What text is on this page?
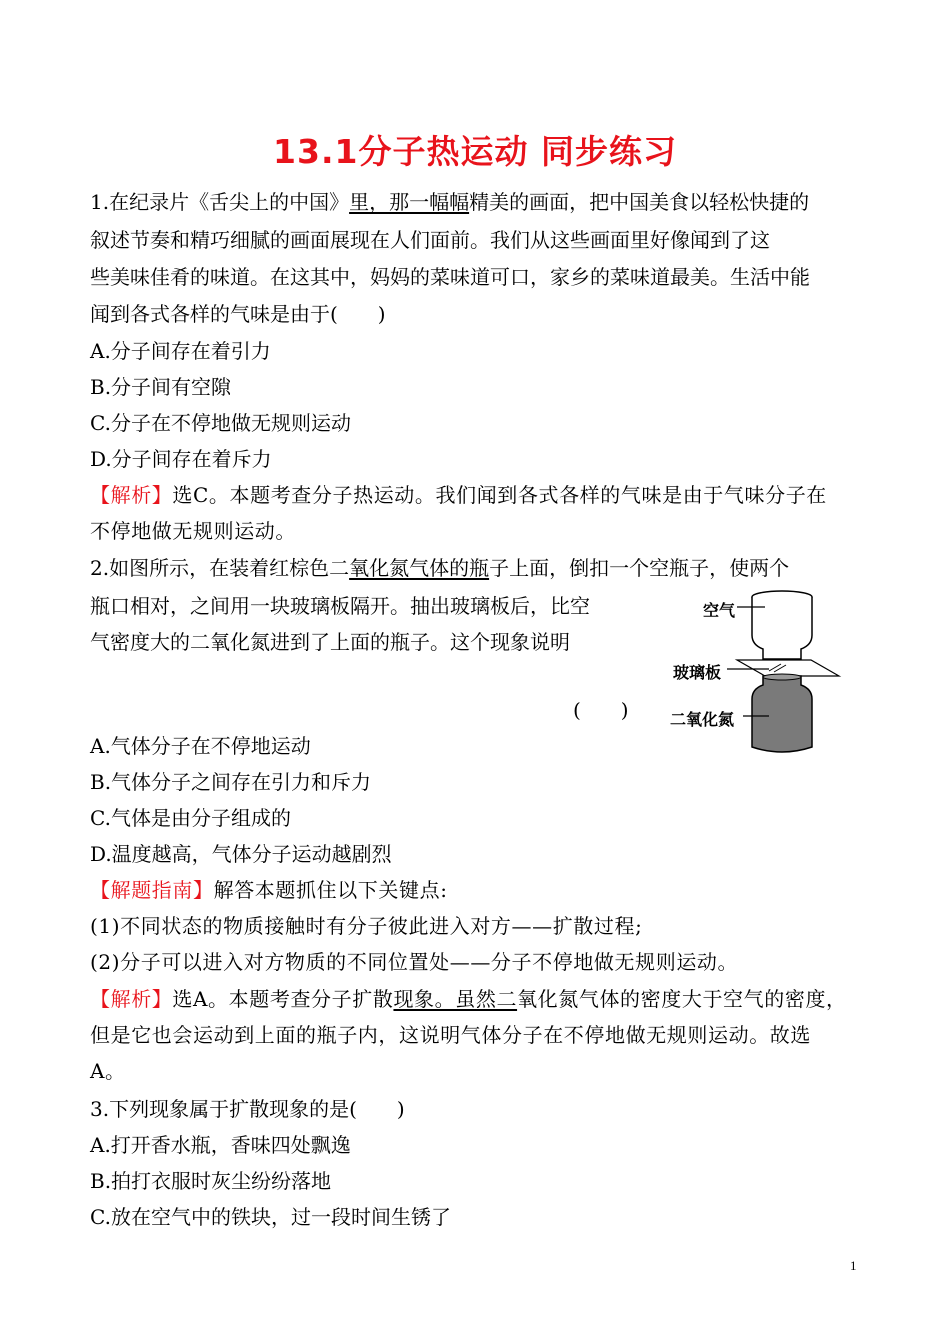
13.1分子热运动 同步练习
1.在纪录片《舌尖上的中国》里，那一幅幅精美的画面，把中国美食以轻松快捷的
叙述节奏和精巧细腻的画面展现在人们面前。我们从这些画面里好像闻到了这
些美味佳肴的味道。在这其中，妈妈的菜味道可口，家乡的菜味道最美。生活中能
闻到各式各样的气味是由于(　　)
A.分子间存在着引力
B.分子间有空隙
C.分子在不停地做无规则运动
D.分子间存在着斥力
【解析】选C。本题考查分子热运动。我们闻到各式各样的气味是由于气味分子在
不停地做无规则运动。
2.如图所示，在装着红棕色二氧化氮气体的瓶子上面，倒扣一个空瓶子，使两个
瓶口相对，之间用一块玻璃板隔开。抽出玻璃板后，比空
气密度大的二氧化氮进到了上面的瓶子。这个现象说明
(　　)
空气
玻璃板
二氧化氮
A.气体分子在不停地运动
B.气体分子之间存在引力和斥力
C.气体是由分子组成的
D.温度越高，气体分子运动越剧烈
【解题指南】解答本题抓住以下关键点:
(1)不同状态的物质接触时有分子彼此进入对方——扩散过程;
(2)分子可以进入对方物质的不同位置处——分子不停地做无规则运动。
【解析】选A。本题考查分子扩散现象。虽然二氧化氮气体的密度大于空气的密度，
但是它也会运动到上面的瓶子内，这说明气体分子在不停地做无规则运动。故选
A。
3.下列现象属于扩散现象的是(　　)
A.打开香水瓶，香味四处飘逸
B.拍打衣服时灰尘纷纷落地
C.放在空气中的铁块，过一段时间生锈了
1
